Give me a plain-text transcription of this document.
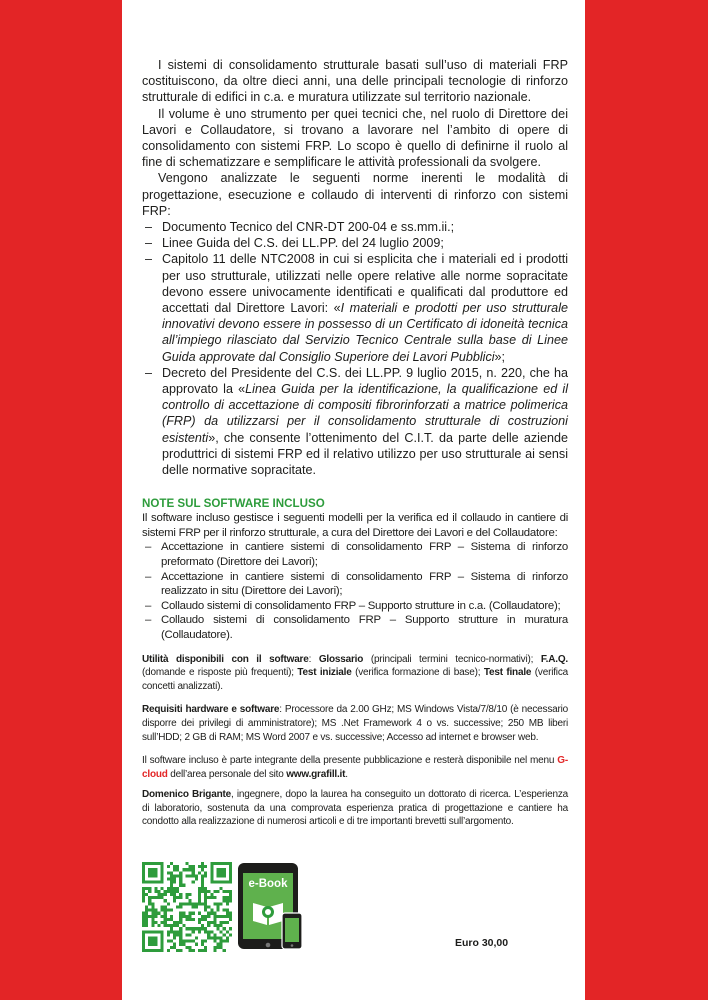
I sistemi di consolidamento strutturale basati sull’uso di materiali FRP costituiscono, da oltre dieci anni, una delle principali tecnologie di rinforzo strutturale di edifici in c.a. e muratura utilizzate sul territorio nazionale.

Il volume è uno strumento per quei tecnici che, nel ruolo di Direttore dei Lavori e Collaudatore, si trovano a lavorare nel l’ambito di opere di consolidamento con sistemi FRP. Lo scopo è quello di definirne il ruolo al fine di schematizzare e semplificare le attività professionali da svolgere.

Vengono analizzate le seguenti norme inerenti le modalità di progettazione, esecuzione e collaudo di interventi di rinforzo con sistemi FRP:

– Documento Tecnico del CNR-DT 200-04 e ss.mm.ii.;
– Linee Guida del C.S. dei LL.PP. del 24 luglio 2009;
– Capitolo 11 delle NTC2008 in cui si esplicita che i materiali ed i prodotti per uso strutturale, utilizzati nelle opere relative alle norme sopracitate devono essere univocamente identificati e qualificati dal produttore ed accettati dal Direttore Lavori: «I materiali e prodotti per uso strutturale innovativi devono essere in possesso di un Certificato di idoneità tecnica all’impiego rilasciato dal Servizio Tecnico Centrale sulla base di Linee Guida approvate dal Consiglio Superiore dei Lavori Pubblici»;
– Decreto del Presidente del C.S. dei LL.PP. 9 luglio 2015, n. 220, che ha approvato la «Linea Guida per la identificazione, la qualificazione ed il controllo di accettazione di compositi fibrorinforzati a matrice polimerica (FRP) da utilizzarsi per il consolidamento strutturale di costruzioni esistenti», che consente l’ottenimento del C.I.T. da parte delle aziende produttrici di sistemi FRP ed il relativo utilizzo per uso strutturale ai sensi delle normative sopracitate.
NOTE SUL SOFTWARE INCLUSO

Il software incluso gestisce i seguenti modelli per la verifica ed il collaudo in cantiere di sistemi FRP per il rinforzo strutturale, a cura del Direttore dei Lavori e del Collaudatore:

– Accettazione in cantiere sistemi di consolidamento FRP – Sistema di rinforzo preformato (Direttore dei Lavori);
– Accettazione in cantiere sistemi di consolidamento FRP – Sistema di rinforzo realizzato in situ (Direttore dei Lavori);
– Collaudo sistemi di consolidamento FRP – Supporto strutture in c.a. (Collaudatore);
– Collaudo sistemi di consolidamento FRP – Supporto strutture in muratura (Collaudatore).
Utilità disponibili con il software: Glossario (principali termini tecnico-normativi); F.A.Q. (domande e risposte più frequenti); Test iniziale (verifica formazione di base); Test finale (verifica concetti analizzati).
Requisiti hardware e software: Processore da 2.00 GHz; MS Windows Vista/7/8/10 (è necessario disporre dei privilegi di amministratore); MS .Net Framework 4 o vs. successive; 250 MB liberi sull’HDD; 2 GB di RAM; MS Word 2007 e vs. successive; Accesso ad internet e browser web.
Il software incluso è parte integrante della presente pubblicazione e resterà disponibile nel menu G-cloud dell’area personale del sito www.grafill.it.
Domenico Brigante, ingegnere, dopo la laurea ha conseguito un dottorato di ricerca. L’esperienza di laboratorio, sostenuta da una comprovata esperienza pratica di progettazione e cantiere ha condotto alla realizzazione di numerosi articoli e di tre importanti brevetti sull’argomento.
e-Book
Euro 30,00
